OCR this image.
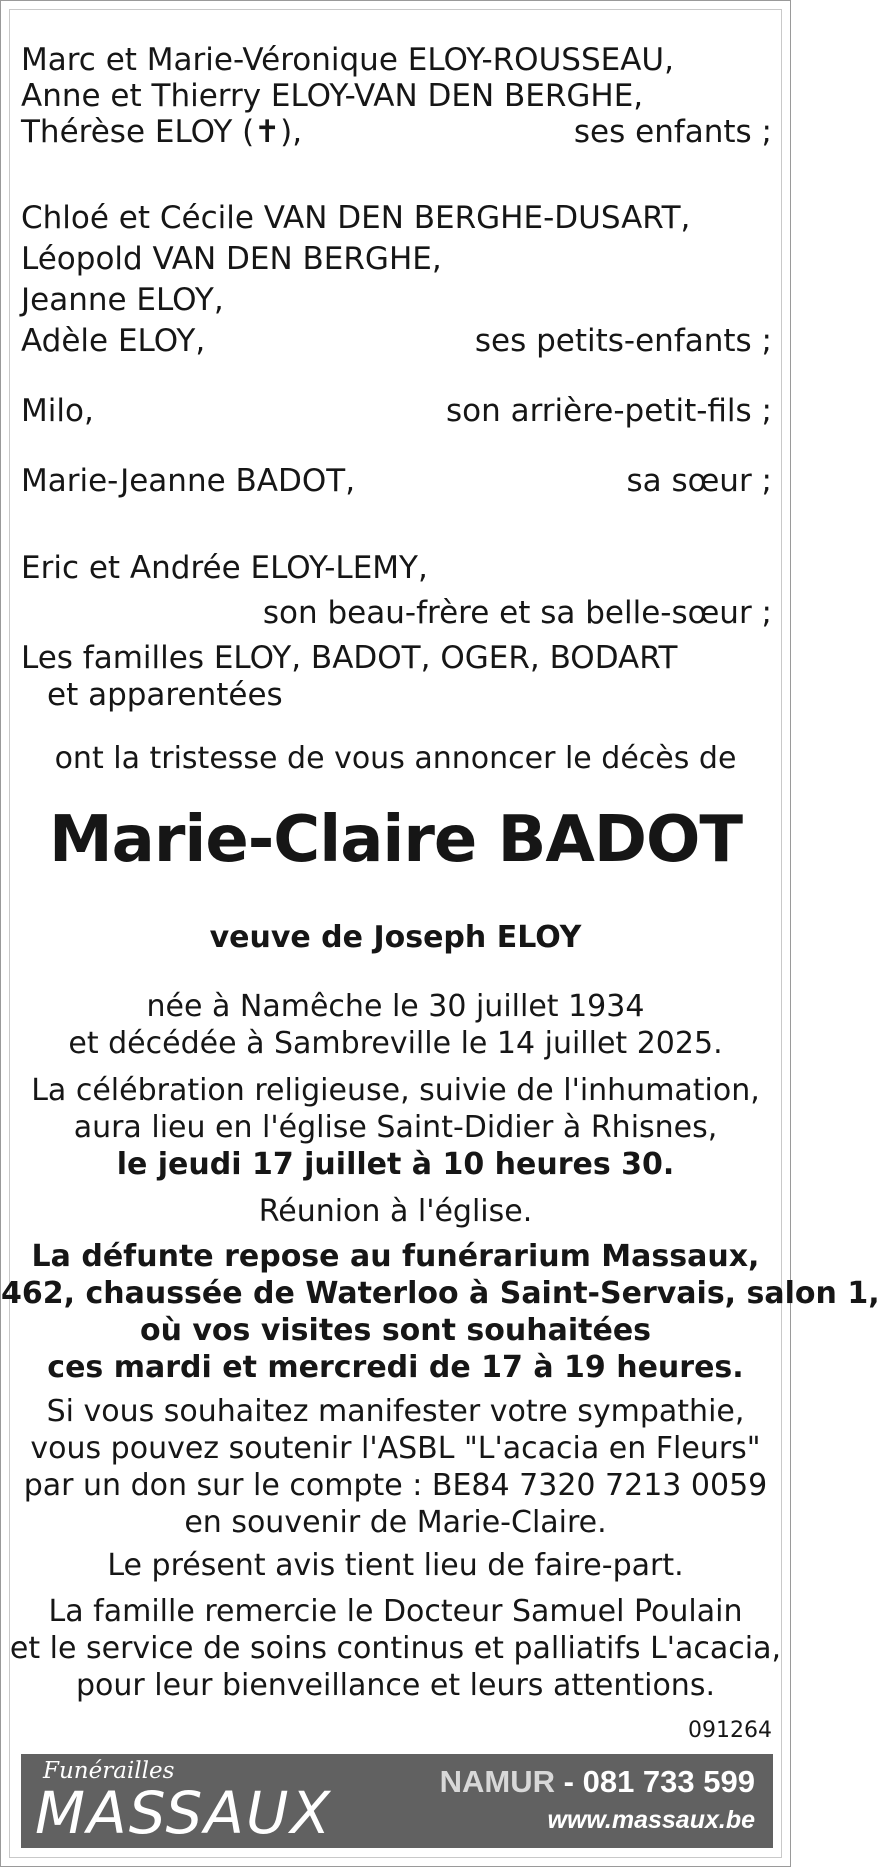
Marc et Marie-Véronique ELOY-ROUSSEAU,
Anne et Thierry ELOY-VAN DEN BERGHE,
Thérèse ELOY (✝),	ses enfants ;
Chloé et Cécile VAN DEN BERGHE-DUSART,
Léopold VAN DEN BERGHE,
Jeanne ELOY,
Adèle ELOY,	ses petits-enfants ;
Milo,	son arrière-petit-fils ;
Marie-Jeanne BADOT,	sa sœur ;
Eric et Andrée ELOY-LEMY,
son beau-frère et sa belle-sœur ;
Les familles ELOY, BADOT, OGER, BODART
et apparentées
ont la tristesse de vous annoncer le décès de
Marie-Claire BADOT
veuve de Joseph ELOY
née à Namêche le 30 juillet 1934
et décédée à Sambreville le 14 juillet 2025.
La célébration religieuse, suivie de l'inhumation,
aura lieu en l'église Saint-Didier à Rhisnes,
le jeudi 17 juillet à 10 heures 30.
Réunion à l'église.
La défunte repose au funérarium Massaux,
462, chaussée de Waterloo à Saint-Servais, salon 1,
où vos visites sont souhaitées
ces mardi et mercredi de 17 à 19 heures.
Si vous souhaitez manifester votre sympathie,
vous pouvez soutenir l'ASBL "L'acacia en Fleurs"
par un don sur le compte : BE84 7320 7213 0059
en souvenir de Marie-Claire.
Le présent avis tient lieu de faire-part.
La famille remercie le Docteur Samuel Poulain
et le service de soins continus et palliatifs L'acacia,
pour leur bienveillance et leurs attentions.
091264
Funérailles
MASSAUX	NAMUR - 081 733 599
www.massaux.be
